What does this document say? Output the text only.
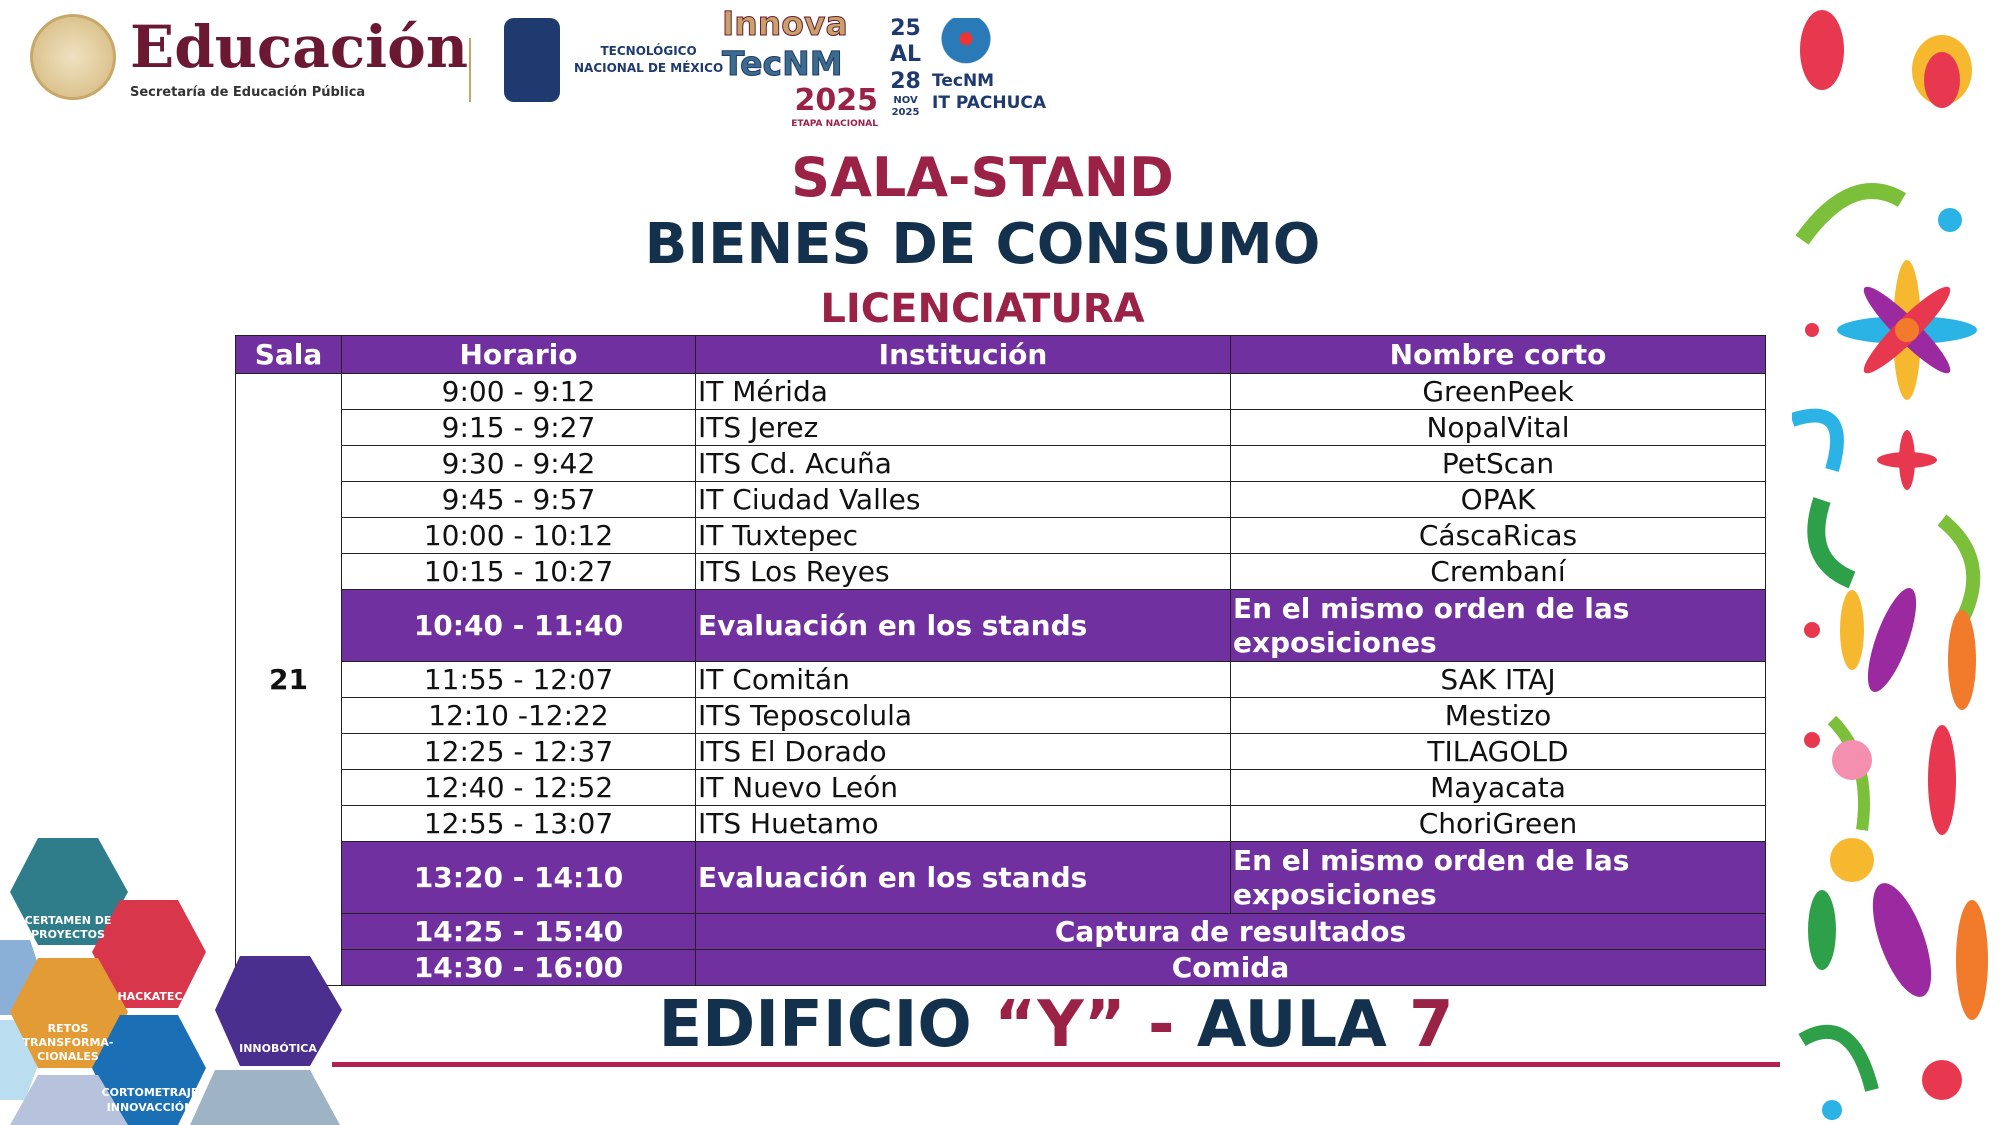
Educación
Secretaría de Educación Pública
TECNOLÓGICO
NACIONAL DE MÉXICO
Innova
TecNM
2025
ETAPA NACIONAL
25
AL
28
NOV
2025
TecNM
IT PACHUCA
SALA-STAND
BIENES DE CONSUMO
LICENCIATURA
Sala	Horario	Institución	Nombre corto
21	9:00 - 9:12	IT Mérida	GreenPeek
	9:15 - 9:27	ITS Jerez	NopalVital
	9:30 - 9:42	ITS Cd. Acuña	PetScan
	9:45 - 9:57	IT Ciudad Valles	OPAK
	10:00 - 10:12	IT Tuxtepec	CáscaRicas
	10:15 - 10:27	ITS Los Reyes	Crembaní
	10:40 - 11:40	Evaluación en los stands	En el mismo orden de las exposiciones
	11:55 - 12:07	IT Comitán	SAK ITAJ
	12:10 -12:22	ITS Teposcolula	Mestizo
	12:25 - 12:37	ITS El Dorado	TILAGOLD
	12:40 - 12:52	IT Nuevo León	Mayacata
	12:55 - 13:07	ITS Huetamo	ChoriGreen
	13:20 - 14:10	Evaluación en los stands	En el mismo orden de las exposiciones
	14:25 - 15:40	Captura de resultados	
	14:30 - 16:00	Comida	
EDIFICIO “Y” - AULA 7
CERTAMEN DE
PROYECTOS
HACKATEC
RETOS
TRANSFORMA-
CIONALES
CORTOMETRAJE
INNOVACCIÓN
INNOBÓTICA
